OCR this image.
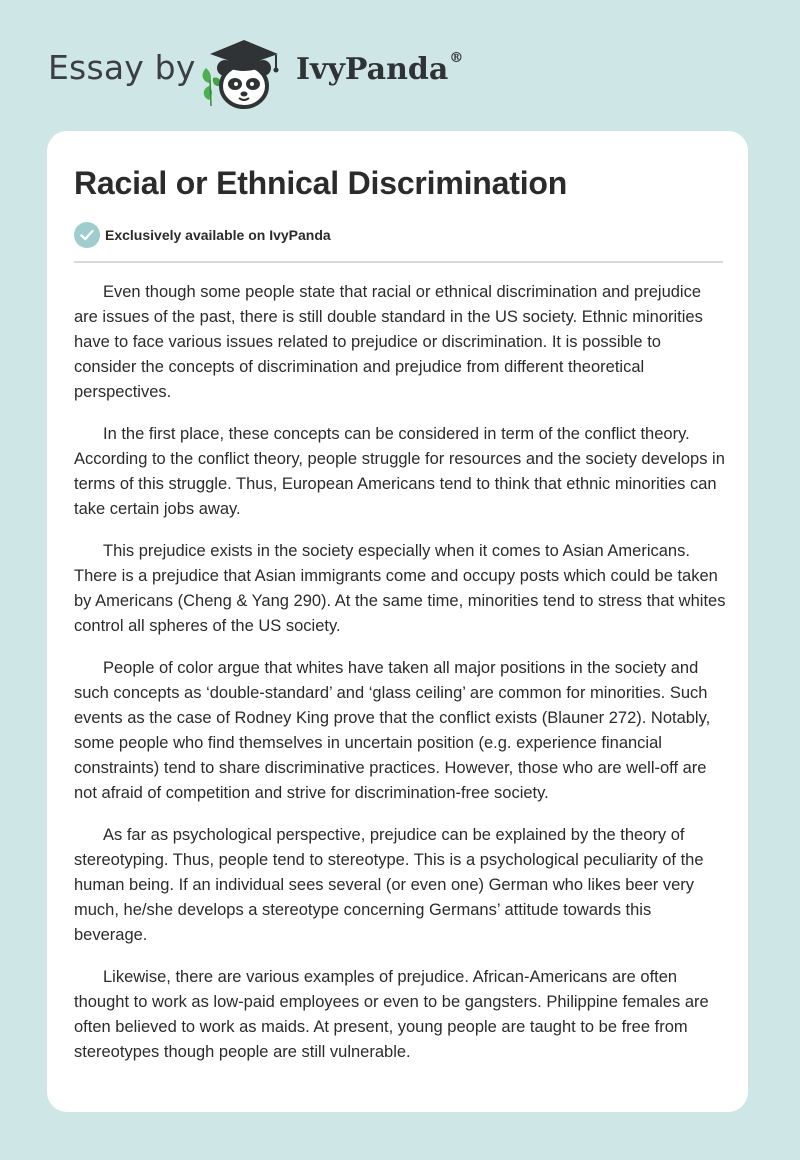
Essay by	IvyPanda®
Racial or Ethnical Discrimination
Exclusively available on IvyPanda

Even though some people state that racial or ethnical discrimination and prejudice are issues of the past, there is still double standard in the US society. Ethnic minorities have to face various issues related to prejudice or discrimination. It is possible to consider the concepts of discrimination and prejudice from different theoretical perspectives.

In the first place, these concepts can be considered in term of the conflict theory. According to the conflict theory, people struggle for resources and the society develops in terms of this struggle. Thus, European Americans tend to think that ethnic minorities can take certain jobs away.

This prejudice exists in the society especially when it comes to Asian Americans. There is a prejudice that Asian immigrants come and occupy posts which could be taken by Americans (Cheng & Yang 290). At the same time, minorities tend to stress that whites control all spheres of the US society.

People of color argue that whites have taken all major positions in the society and such concepts as ‘double-standard’ and ‘glass ceiling’ are common for minorities. Such events as the case of Rodney King prove that the conflict exists (Blauner 272). Notably, some people who find themselves in uncertain position (e.g. experience financial constraints) tend to share discriminative practices. However, those who are well-off are not afraid of competition and strive for discrimination-free society.

As far as psychological perspective, prejudice can be explained by the theory of stereotyping. Thus, people tend to stereotype. This is a psychological peculiarity of the human being. If an individual sees several (or even one) German who likes beer very much, he/she develops a stereotype concerning Germans’ attitude towards this beverage.

Likewise, there are various examples of prejudice. African-Americans are often thought to work as low-paid employees or even to be gangsters. Philippine females are often believed to work as maids. At present, young people are taught to be free from stereotypes though people are still vulnerable.
